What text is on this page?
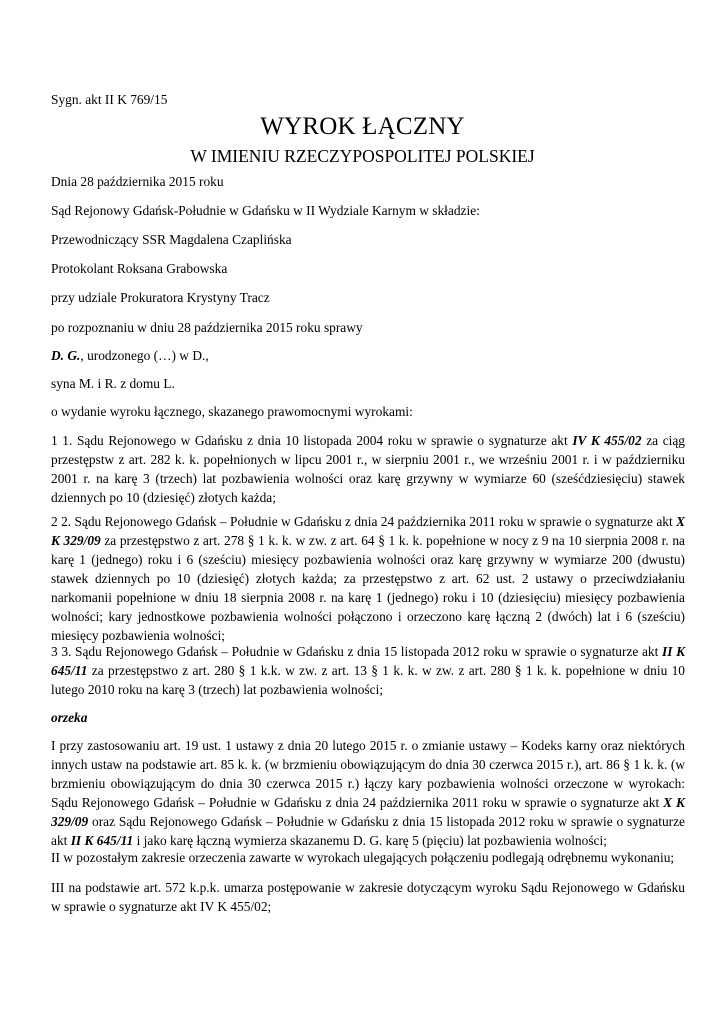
Sygn. akt II K 769/15

WYROK ŁĄCZNY
W IMIENIU RZECZYPOSPOLITEJ POLSKIEJ

Dnia 28 października 2015 roku

Sąd Rejonowy Gdańsk-Południe w Gdańsku w II Wydziale Karnym w składzie:

Przewodniczący SSR Magdalena Czaplińska

Protokolant Roksana Grabowska

przy udziale Prokuratora Krystyny Tracz

po rozpoznaniu w dniu 28 października 2015 roku sprawy

D. G., urodzonego (…) w D.,

syna M. i R. z domu L.

o wydanie wyroku łącznego, skazanego prawomocnymi wyrokami:

1 1. Sądu Rejonowego w Gdańsku z dnia 10 listopada 2004 roku w sprawie o sygnaturze akt IV K 455/02 za ciąg przestępstw z art. 282 k. k. popełnionych w lipcu 2001 r., w sierpniu 2001 r., we wrześniu 2001 r. i w październiku 2001 r. na karę 3 (trzech) lat pozbawienia wolności oraz karę grzywny w wymiarze 60 (sześćdziesięciu) stawek dziennych po 10 (dziesięć) złotych każda;

2 2. Sądu Rejonowego Gdańsk – Południe w Gdańsku z dnia 24 października 2011 roku w sprawie o sygnaturze akt X K 329/09 za przestępstwo z art. 278 § 1 k. k. w zw. z art. 64 § 1 k. k. popełnione w nocy z 9 na 10 sierpnia 2008 r. na karę 1 (jednego) roku i 6 (sześciu) miesięcy pozbawienia wolności oraz karę grzywny w wymiarze 200 (dwustu) stawek dziennych po 10 (dziesięć) złotych każda; za przestępstwo z art. 62 ust. 2 ustawy o przeciwdziałaniu narkomanii popełnione w dniu 18 sierpnia 2008 r. na karę 1 (jednego) roku i 10 (dziesięciu) miesięcy pozbawienia wolności; kary jednostkowe pozbawienia wolności połączono i orzeczono karę łączną 2 (dwóch) lat i 6 (sześciu) miesięcy pozbawienia wolności;

3 3. Sądu Rejonowego Gdańsk – Południe w Gdańsku z dnia 15 listopada 2012 roku w sprawie o sygnaturze akt II K 645/11 za przestępstwo z art. 280 § 1 k.k. w zw. z art. 13 § 1 k. k. w zw. z art. 280 § 1 k. k. popełnione w dniu 10 lutego 2010 roku na karę 3 (trzech) lat pozbawienia wolności;

orzeka

I przy zastosowaniu art. 19 ust. 1 ustawy z dnia 20 lutego 2015 r. o zmianie ustawy – Kodeks karny oraz niektórych innych ustaw na podstawie art. 85 k. k. (w brzmieniu obowiązującym do dnia 30 czerwca 2015 r.), art. 86 § 1 k. k. (w brzmieniu obowiązującym do dnia 30 czerwca 2015 r.) łączy kary pozbawienia wolności orzeczone w wyrokach: Sądu Rejonowego Gdańsk – Południe w Gdańsku z dnia 24 października 2011 roku w sprawie o sygnaturze akt X K 329/09 oraz Sądu Rejonowego Gdańsk – Południe w Gdańsku z dnia 15 listopada 2012 roku w sprawie o sygnaturze akt II K 645/11 i jako karę łączną wymierza skazanemu D. G. karę 5 (pięciu) lat pozbawienia wolności;

II w pozostałym zakresie orzeczenia zawarte w wyrokach ulegających połączeniu podlegają odrębnemu wykonaniu;

III na podstawie art. 572 k.p.k. umarza postępowanie w zakresie dotyczącym wyroku Sądu Rejonowego w Gdańsku w sprawie o sygnaturze akt IV K 455/02;
